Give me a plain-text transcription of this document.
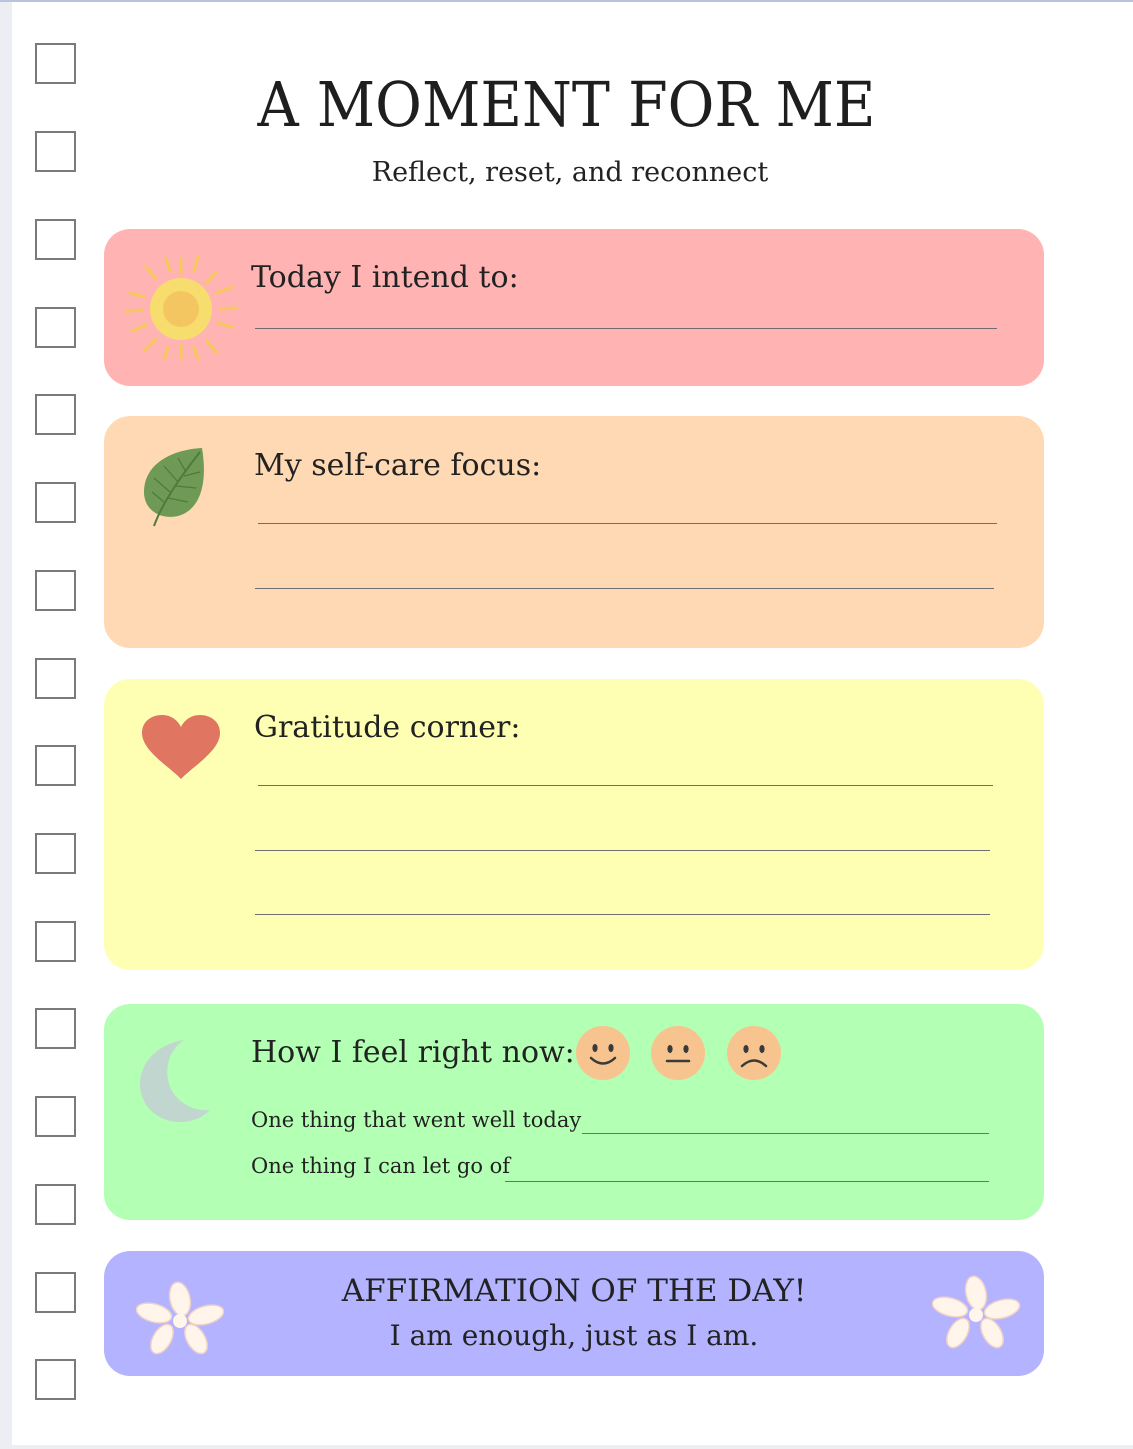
A MOMENT FOR ME
Reflect, reset, and reconnect
Today I intend to:
My self-care focus:
Gratitude corner:
How I feel right now:
One thing that went well today
One thing I can let go of
AFFIRMATION OF THE DAY!
I am enough, just as I am.
